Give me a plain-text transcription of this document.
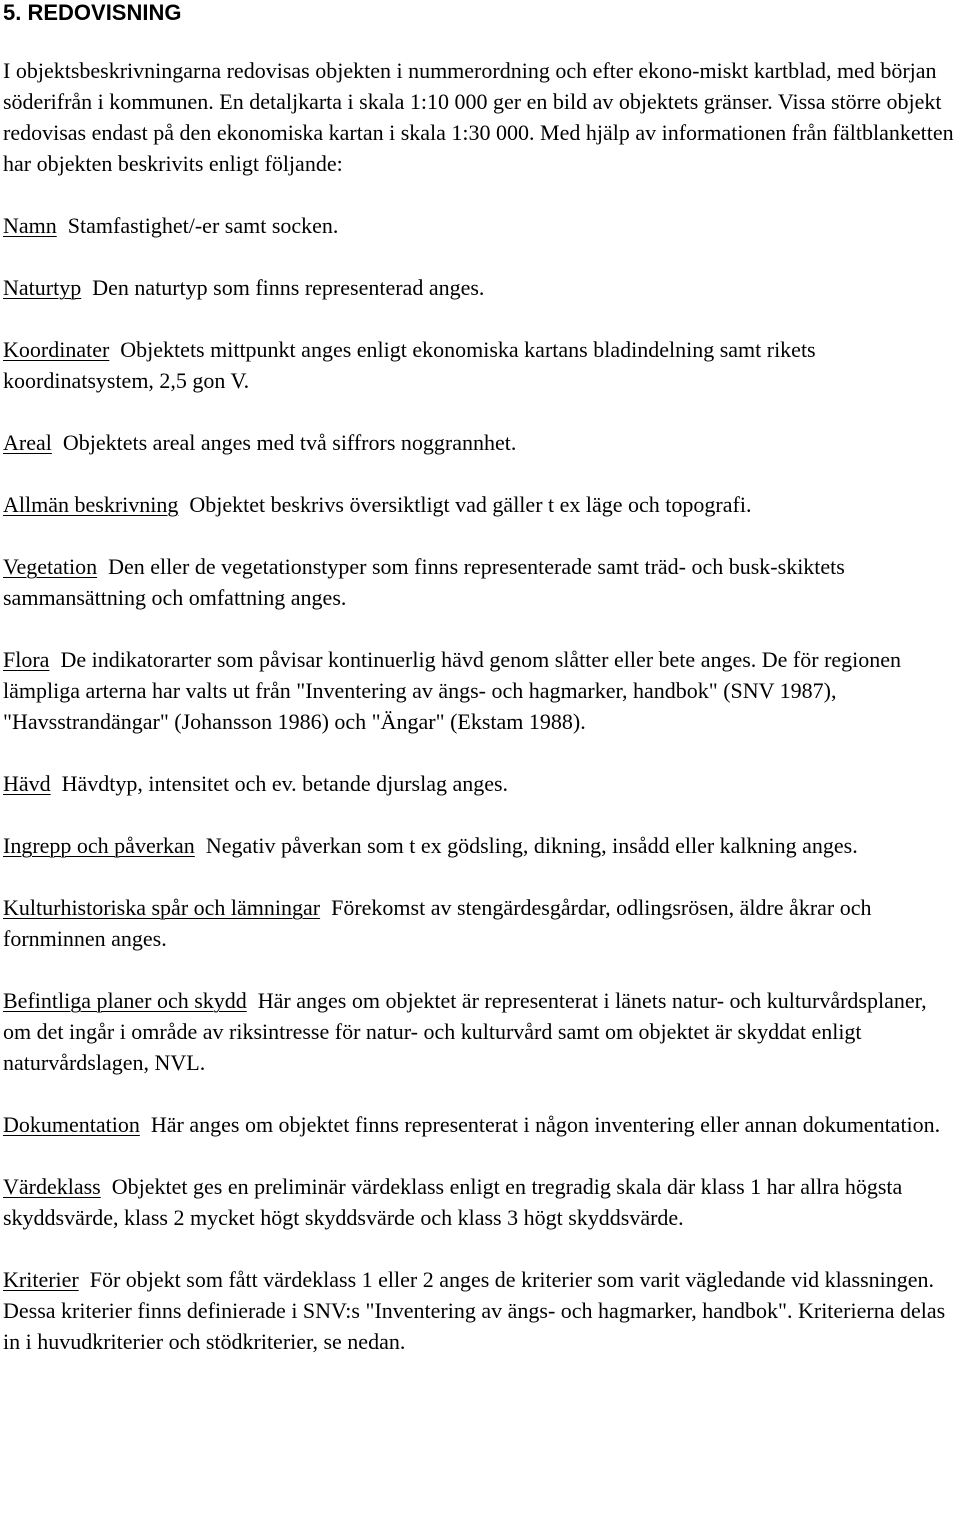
5. REDOVISNING

I objektsbeskrivningarna redovisas objekten i nummerordning och efter ekono-miskt kartblad, med början söderifrån i kommunen. En detaljkarta i skala 1:10 000 ger en bild av objektets gränser. Vissa större objekt redovisas endast på den ekonomiska kartan i skala 1:30 000. Med hjälp av informationen från fältblanketten har objekten beskrivits enligt följande:

Namn Stamfastighet/-er samt socken.

Naturtyp Den naturtyp som finns representerad anges.

Koordinater Objektets mittpunkt anges enligt ekonomiska kartans bladindelning samt rikets koordinatsystem, 2,5 gon V.

Areal Objektets areal anges med två siffrors noggrannhet.

Allmän beskrivning Objektet beskrivs översiktligt vad gäller t ex läge och topografi.

Vegetation Den eller de vegetationstyper som finns representerade samt träd- och busk-skiktets sammansättning och omfattning anges.

Flora De indikatorarter som påvisar kontinuerlig hävd genom slåtter eller bete anges. De för regionen lämpliga arterna har valts ut från "Inventering av ängs- och hagmarker, handbok" (SNV 1987), "Havsstrandängar" (Johansson 1986) och "Ängar" (Ekstam 1988).

Hävd Hävdtyp, intensitet och ev. betande djurslag anges.

Ingrepp och påverkan Negativ påverkan som t ex gödsling, dikning, insådd eller kalkning anges.

Kulturhistoriska spår och lämningar Förekomst av stengärdesgårdar, odlingsrösen, äldre åkrar och fornminnen anges.

Befintliga planer och skydd Här anges om objektet är representerat i länets natur- och kulturvårdsplaner, om det ingår i område av riksintresse för natur- och kulturvård samt om objektet är skyddat enligt naturvårdslagen, NVL.

Dokumentation Här anges om objektet finns representerat i någon inventering eller annan dokumentation.

Värdeklass Objektet ges en preliminär värdeklass enligt en tregradig skala där klass 1 har allra högsta skyddsvärde, klass 2 mycket högt skyddsvärde och klass 3 högt skyddsvärde.

Kriterier För objekt som fått värdeklass 1 eller 2 anges de kriterier som varit vägledande vid klassningen. Dessa kriterier finns definierade i SNV:s "Inventering av ängs- och hagmarker, handbok". Kriterierna delas in i huvudkriterier och stödkriterier, se nedan.
